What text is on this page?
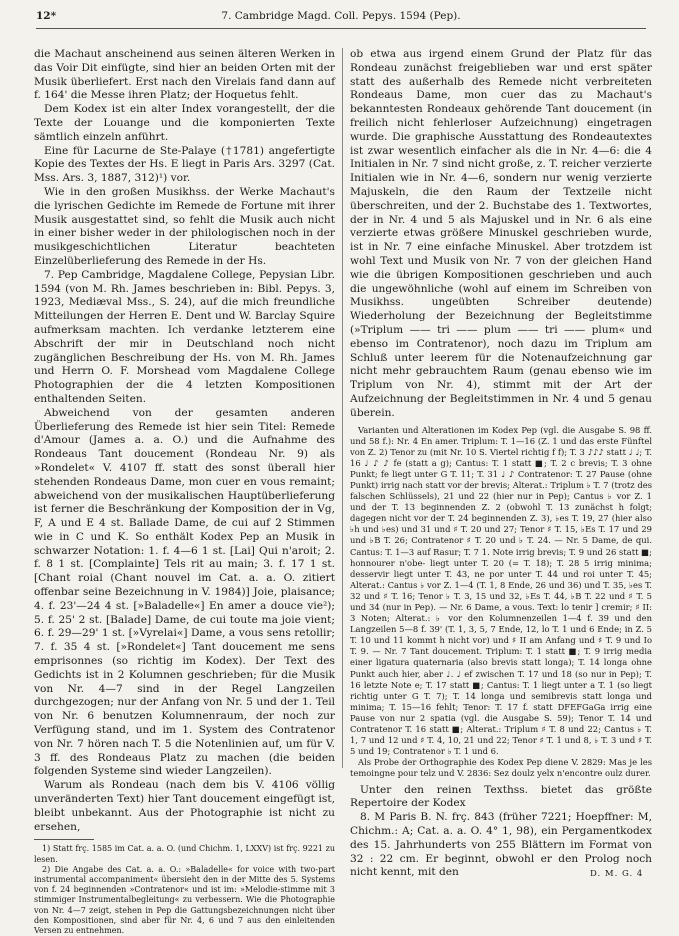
12*	7. Cambridge Magd. Coll. Pepys. 1594 (Pep).

die Machaut anscheinend aus seinen älteren Werken in das Voir Dit einfügte, sind hier an beiden Orten mit der Musik überliefert. Erst nach den Virelais fand dann auf f. 164' die Messe ihren Platz; der Hoquetus fehlt.

Dem Kodex ist ein alter Index vorangestellt, der die Texte der Louange und die komponierten Texte sämtlich einzeln anführt.

Eine für Lacurne de Ste-Palaye (†1781) angefertigte Kopie des Textes der Hs. E liegt in Paris Ars. 3297 (Cat. Mss. Ars. 3, 1887, 312)¹) vor.

Wie in den großen Musikhss. der Werke Machaut's die lyrischen Gedichte im Remede de Fortune mit ihrer Musik ausgestattet sind, so fehlt die Musik auch nicht in einer bisher weder in der philologischen noch in der musikgeschichtlichen Literatur beachteten Einzelüberlieferung des Remede in der Hs.

7. Pep Cambridge, Magdalene College, Pepysian Libr. 1594 (von M. Rh. James beschrieben in: Bibl. Pepys. 3, 1923, Mediæval Mss., S. 24), auf die mich freundliche Mitteilungen der Herren E. Dent und W. Barclay Squire aufmerksam machten. Ich verdanke letzterem eine Abschrift der mir in Deutschland noch nicht zugänglichen Beschreibung der Hs. von M. Rh. James und Herrn O. F. Morshead vom Magdalene College Photographien der die 4 letzten Kompositionen enthaltenden Seiten.

Abweichend von der gesamten anderen Überlieferung des Remede ist hier sein Titel: Remede d'Amour (James a. a. O.) und die Aufnahme des Rondeaus Tant doucement (Rondeau Nr. 9) als »Rondelet« V. 4107 ff. statt des sonst überall hier stehenden Rondeaus Dame, mon cuer en vous remaint; abweichend von der musikalischen Hauptüberlieferung ist ferner die Beschränkung der Komposition der in Vg, F, A und E 4 st. Ballade Dame, de cui auf 2 Stimmen wie in C und K. So enthält Kodex Pep an Musik in schwarzer Notation: 1. f. 4—6 1 st. [Lai] Qui n'aroit; 2. f. 8 1 st. [Complainte] Tels rit au main; 3. f. 17 1 st. [Chant roial (Chant nouvel im Cat. a. a. O. zitiert offenbar seine Bezeichnung in V. 1984)] Joie, plaisance; 4. f. 23'—24 4 st. [»Baladelle«] En amer a douce vie²); 5. f. 25' 2 st. [Balade] Dame, de cui toute ma joie vient; 6. f. 29—29' 1 st. [»Vyrelai«] Dame, a vous sens retollir; 7. f. 35 4 st. [»Rondelet«] Tant doucement me sens emprisonnes (so richtig im Kodex). Der Text des Gedichts ist in 2 Kolumnen geschrieben; für die Musik von Nr. 4—7 sind in der Regel Langzeilen durchgezogen; nur der Anfang von Nr. 5 und der 1. Teil von Nr. 6 benutzen Kolumnenraum, der noch zur Verfügung stand, und im 1. System des Contratenor von Nr. 7 hören nach T. 5 die Notenlinien auf, um für V. 3 ff. des Rondeaus Platz zu machen (die beiden folgenden Systeme sind wieder Langzeilen).

Warum als Rondeau (nach dem bis V. 4106 völlig unveränderten Text) hier Tant doucement eingefügt ist, bleibt unbekannt. Aus der Photographie ist nicht zu ersehen,

1) Statt frç. 1585 im Cat. a. a. O. (und Chichm. 1, LXXV) ist frç. 9221 zu lesen.

2) Die Angabe des Cat. a. a. O.: »Baladelle« for voice with two-part instrumental accompaniment« übersieht den in der Mitte des 5. Systems von f. 24 beginnenden »Contratenor« und ist im: »Melodie-stimme mit 3 stimmiger Instrumentalbegleitung« zu verbessern. Wie die Photographie von Nr. 4—7 zeigt, stehen in Pep die Gattungsbezeichnungen nicht über den Kompositionen, sind aber für Nr. 4, 6 und 7 aus den einleitenden Versen zu entnehmen.

ob etwa aus irgend einem Grund der Platz für das Rondeau zunächst freigeblieben war und erst später statt des außerhalb des Remede nicht verbreiteten Rondeaus Dame, mon cuer das zu Machaut's bekanntesten Rondeaux gehörende Tant doucement (in freilich nicht fehlerloser Aufzeichnung) eingetragen wurde. Die graphische Ausstattung des Rondeautextes ist zwar wesentlich einfacher als die in Nr. 4—6: die 4 Initialen in Nr. 7 sind nicht große, z. T. reicher verzierte Initialen wie in Nr. 4—6, sondern nur wenig verzierte Majuskeln, die den Raum der Textzeile nicht überschreiten, und der 2. Buchstabe des 1. Textwortes, der in Nr. 4 und 5 als Majuskel und in Nr. 6 als eine verzierte etwas größere Minuskel geschrieben wurde, ist in Nr. 7 eine einfache Minuskel. Aber trotzdem ist wohl Text und Musik von Nr. 7 von der gleichen Hand wie die übrigen Kompositionen geschrieben und auch die ungewöhnliche (wohl auf einem im Schreiben von Musikhss. ungeübten Schreiber deutende) Wiederholung der Bezeichnung der Begleitstimme (»Triplum —— tri —— plum —— tri —— plum« und ebenso im Contratenor), noch dazu im Triplum am Schluß unter leerem für die Notenaufzeichnung gar nicht mehr gebrauchtem Raum (genau ebenso wie im Triplum von Nr. 4), stimmt mit der Art der Aufzeichnung der Begleitstimmen in Nr. 4 und 5 genau überein.

Varianten und Alterationen im Kodex Pep (vgl. die Ausgabe S. 98 ff. und 58 f.): Nr. 4 En amer. Triplum: T. 1—16 (Z. 1 und das erste Fünftel von Z. 2) Tenor zu (mit Nr. 10 S. Viertel richtig f f); T. 3 ♪♪♪ statt ♩ ♩; T. 16 ♩ ♪ ♪ fe (statt a g); Cantus: T. 1 statt ■; T. 2 c brevis; T. 3 ohne Punkt; fe liegt unter G T. 11; T. 31 ♩ ♪ Contratenor: T. 27 Pause (ohne Punkt) irrig nach statt vor der brevis; Alterat.: Triplum ♭ T. 7 (trotz des falschen Schlüssels), 21 und 22 (hier nur in Pep); Cantus ♭ vor Z. 1 und der T. 13 beginnenden Z. 2 (obwohl T. 13 zunächst h folgt; dagegen nicht vor der T. 24 beginnenden Z. 3), ♭es T. 19, 27 (hier also ♭h und ♭es) und 31 und ♯ T. 20 und 27; Tenor ♯ T. 15, ♭Es T. 17 und 29 und ♭B T. 26; Contratenor ♯ T. 20 und ♭ T. 24. — Nr. 5 Dame, de qui. Cantus: T. 1—3 auf Rasur; T. 7 1. Note irrig brevis; T. 9 und 26 statt ■; honnourer n'obe- liegt unter T. 20 (= T. 18); T. 28 5 irrig minima; desservir liegt unter T. 43, ne por unter T. 44 und roi unter T. 45; Alterat.: Cantus ♭ vor Z. 1—4 (T. 1, 8 Ende, 26 und 36) und T. 35, ♭es T. 32 und ♯ T. 16; Tenor ♭ T. 3, 15 und 32, ♭Es T. 44, ♭B T. 22 und ♯ T. 5 und 34 (nur in Pep). — Nr. 6 Dame, a vous. Text: lo tenir ] cremir; ♯ II: 3 Noten; Alterat.: ♭ vor den Kolumnenzeilen 1—4 f. 39 und den Langzeilen 5—8 f. 39' (T. 1, 3, 5, 7 Ende, 12, lo T. 1 und 6 Ende; in Z. 5 T. 10 und 11 kommt h nicht vor) und ♯ II am Anfang und ♯ T. 9 und Io T. 9. — Nr. 7 Tant doucement. Triplum: T. 1 statt ■; T. 9 irrig media einer ligatura quaternaria (also brevis statt longa); T. 14 longa ohne Punkt auch hier, aber ♩. ♩ ef zwischen T. 17 und 18 (so nur in Pep); T. 16 letzte Note e; T. 17 statt ■; Cantus: T. 1 liegt unter a T. 1 (so liegt richtig unter G T. 7); T. 14 longa und semibrevis statt longa und minima; T. 15—16 fehlt; Tenor: T. 17 f. statt DFEFGaGa irrig eine Pause von nur 2 spatia (vgl. die Ausgabe S. 59); Tenor T. 14 und Contratenor T. 16 statt ■; Alterat.: Triplum ♯ T. 8 und 22; Cantus ♭ T. 1, 7 und 12 und ♯ T. 4, 10, 21 und 22; Tenor ♯ T. 1 und 8, ♭ T. 3 und ♯ T. 5 und 19; Contratenor ♭ T. 1 und 6.

Als Probe der Orthographie des Kodex Pep diene V. 2829: Mas je les temoingne pour telz und V. 2836: Sez doulz yelx n'encontre oulz durer.

Unter den reinen Texthss. bietet das größte Repertoire der Kodex

8. M Paris B. N. frç. 843 (früher 7221; Hoepffner: M, Chichm.: A; Cat. a. a. O. 4° 1, 98), ein Pergamentkodex des 15. Jahrhunderts von 255 Blättern im Format von 32 : 22 cm. Er beginnt, obwohl er den Prolog noch nicht kennt, mit den	D. M. G. 4
